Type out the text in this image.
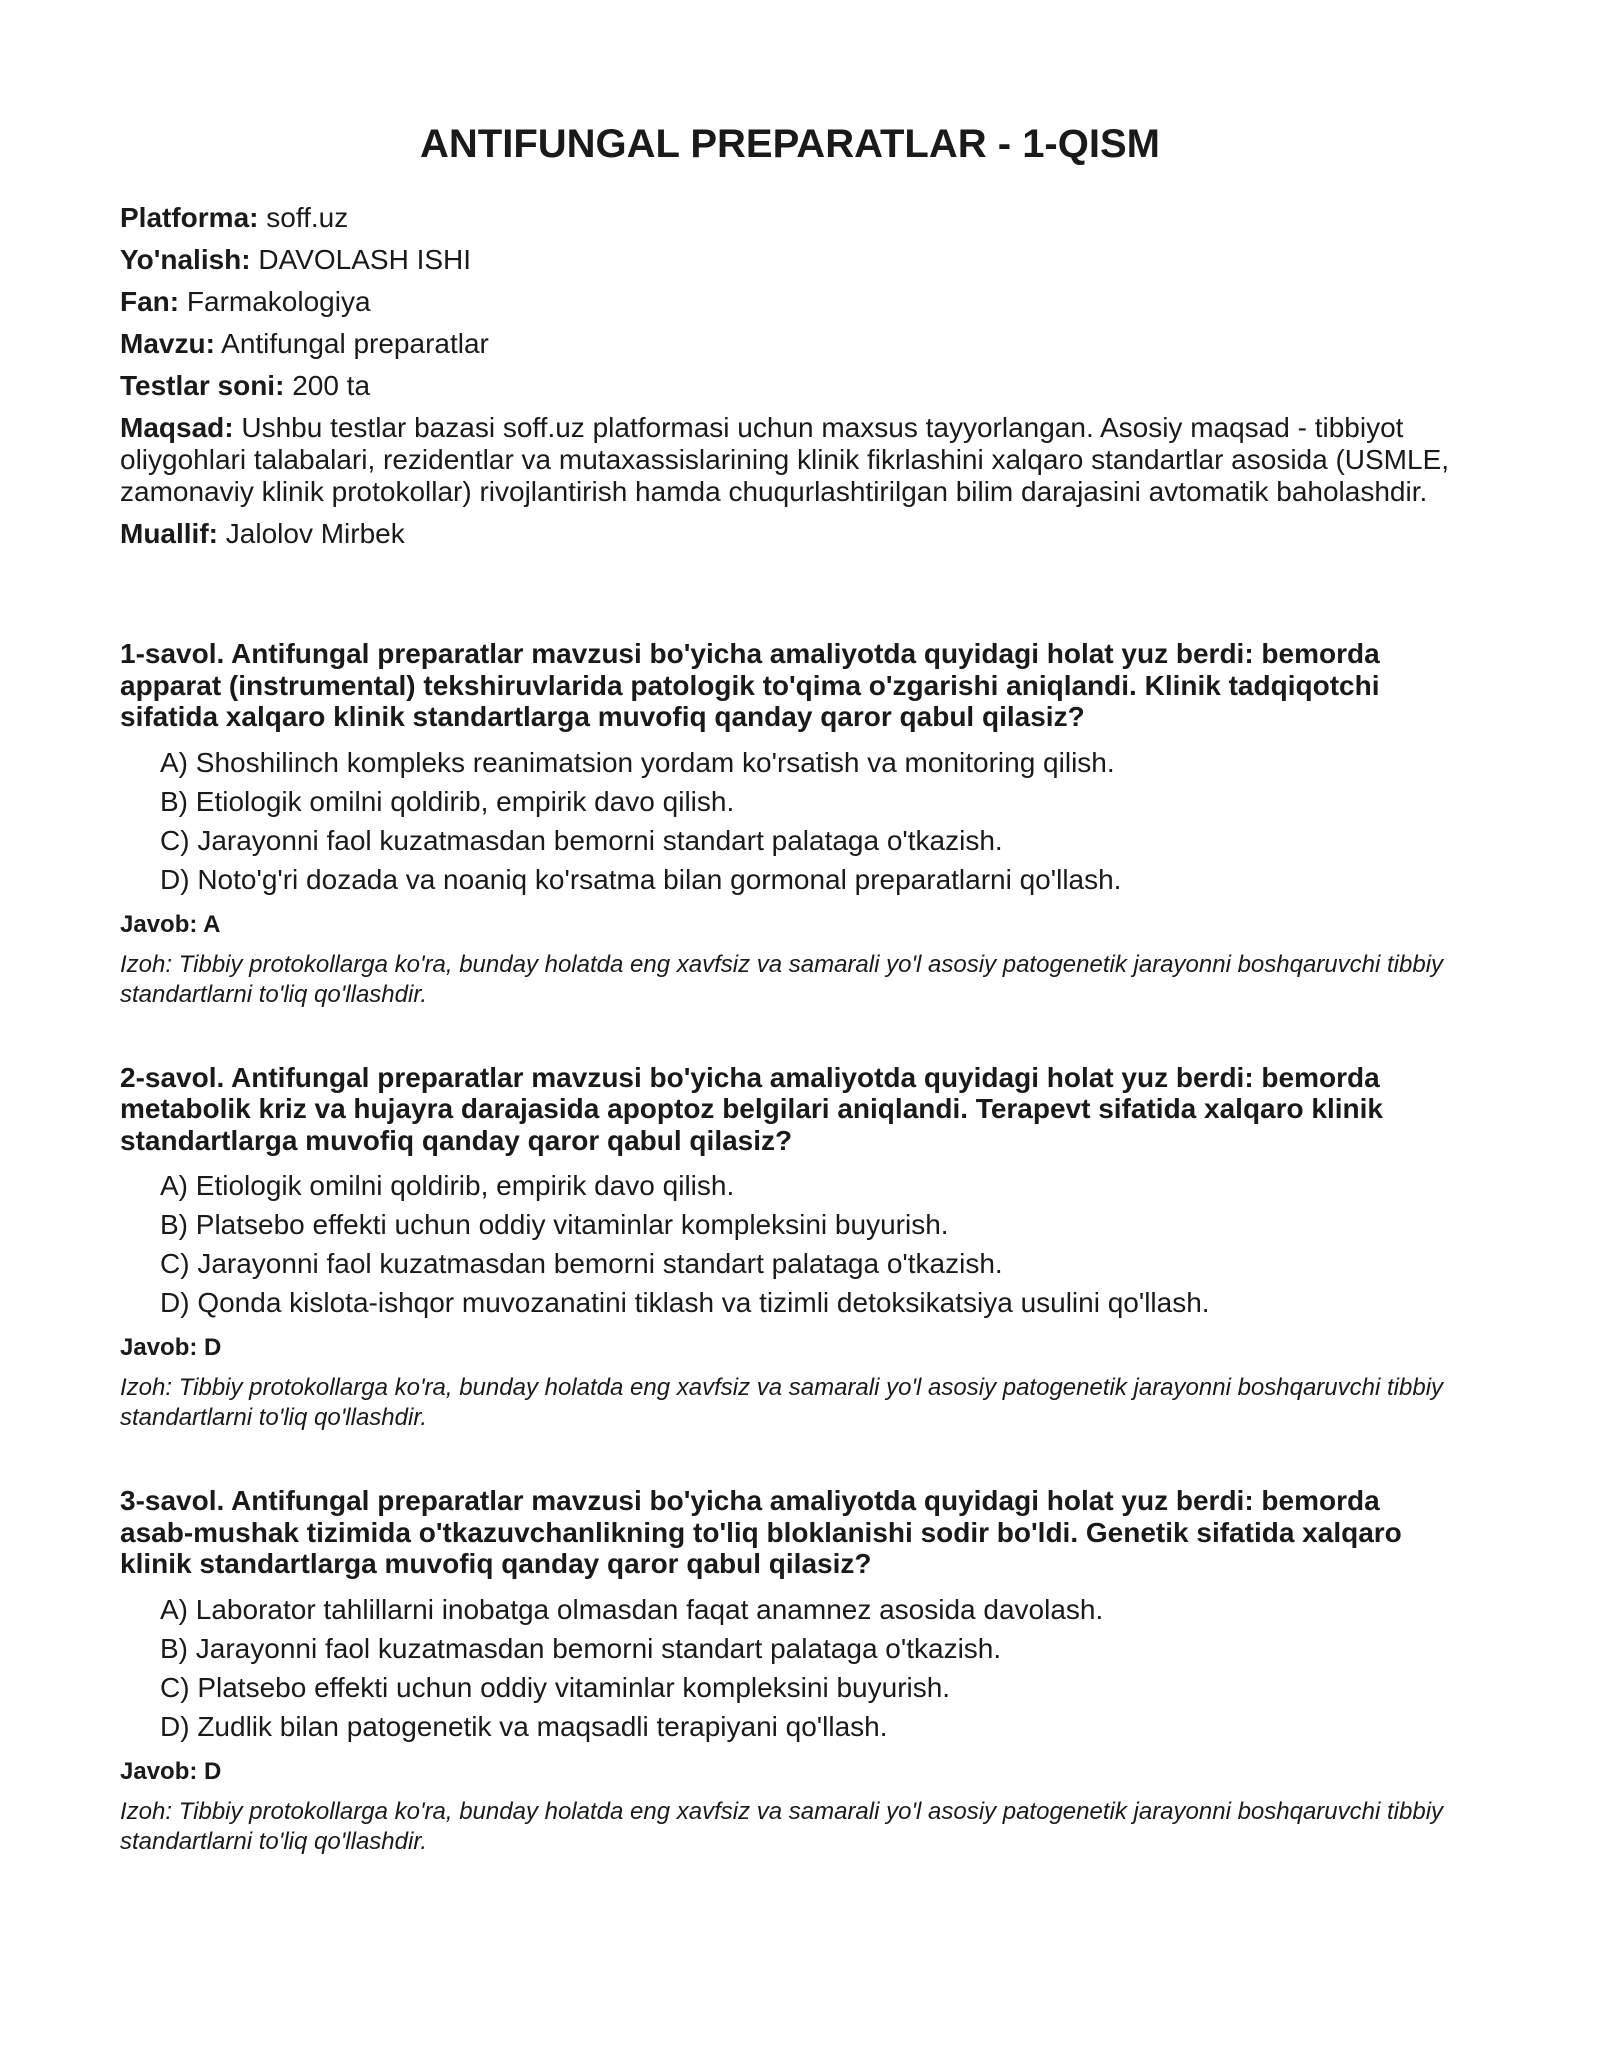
ANTIFUNGAL PREPARATLAR - 1-QISM

Platforma: soff.uz

Yo'nalish: DAVOLASH ISHI

Fan: Farmakologiya

Mavzu: Antifungal preparatlar

Testlar soni: 200 ta

Maqsad: Ushbu testlar bazasi soff.uz platformasi uchun maxsus tayyorlangan. Asosiy maqsad - tibbiyot oliygohlari talabalari, rezidentlar va mutaxassislarining klinik fikrlashini xalqaro standartlar asosida (USMLE, zamonaviy klinik protokollar) rivojlantirish hamda chuqurlashtirilgan bilim darajasini avtomatik baholashdir.

Muallif: Jalolov Mirbek

1-savol. Antifungal preparatlar mavzusi bo'yicha amaliyotda quyidagi holat yuz berdi: bemorda apparat (instrumental) tekshiruvlarida patologik to'qima o'zgarishi aniqlandi. Klinik tadqiqotchi sifatida xalqaro klinik standartlarga muvofiq qanday qaror qabul qilasiz?

A) Shoshilinch kompleks reanimatsion yordam ko'rsatish va monitoring qilish.
B) Etiologik omilni qoldirib, empirik davo qilish.
C) Jarayonni faol kuzatmasdan bemorni standart palataga o'tkazish.
D) Noto'g'ri dozada va noaniq ko'rsatma bilan gormonal preparatlarni qo'llash.

Javob: A

Izoh: Tibbiy protokollarga ko'ra, bunday holatda eng xavfsiz va samarali yo'l asosiy patogenetik jarayonni boshqaruvchi tibbiy standartlarni to'liq qo'llashdir.

2-savol. Antifungal preparatlar mavzusi bo'yicha amaliyotda quyidagi holat yuz berdi: bemorda metabolik kriz va hujayra darajasida apoptoz belgilari aniqlandi. Terapevt sifatida xalqaro klinik standartlarga muvofiq qanday qaror qabul qilasiz?

A) Etiologik omilni qoldirib, empirik davo qilish.
B) Platsebo effekti uchun oddiy vitaminlar kompleksini buyurish.
C) Jarayonni faol kuzatmasdan bemorni standart palataga o'tkazish.
D) Qonda kislota-ishqor muvozanatini tiklash va tizimli detoksikatsiya usulini qo'llash.

Javob: D

Izoh: Tibbiy protokollarga ko'ra, bunday holatda eng xavfsiz va samarali yo'l asosiy patogenetik jarayonni boshqaruvchi tibbiy standartlarni to'liq qo'llashdir.

3-savol. Antifungal preparatlar mavzusi bo'yicha amaliyotda quyidagi holat yuz berdi: bemorda asab-mushak tizimida o'tkazuvchanlikning to'liq bloklanishi sodir bo'ldi. Genetik sifatida xalqaro klinik standartlarga muvofiq qanday qaror qabul qilasiz?

A) Laborator tahlillarni inobatga olmasdan faqat anamnez asosida davolash.
B) Jarayonni faol kuzatmasdan bemorni standart palataga o'tkazish.
C) Platsebo effekti uchun oddiy vitaminlar kompleksini buyurish.
D) Zudlik bilan patogenetik va maqsadli terapiyani qo'llash.

Javob: D

Izoh: Tibbiy protokollarga ko'ra, bunday holatda eng xavfsiz va samarali yo'l asosiy patogenetik jarayonni boshqaruvchi tibbiy standartlarni to'liq qo'llashdir.
